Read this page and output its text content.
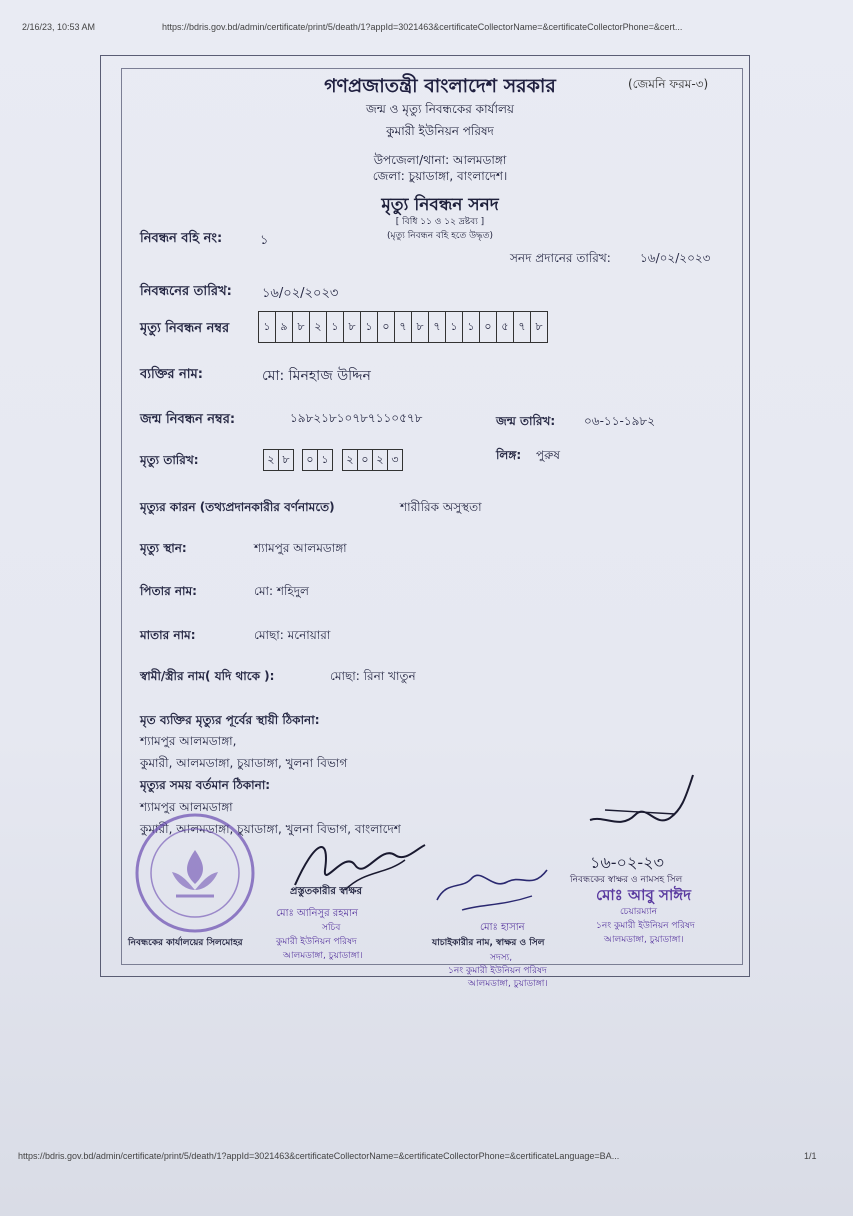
2/16/23, 10:53 AM	https://bdris.gov.bd/admin/certificate/print/5/death/1?appId=3021463&certificateCollectorName=&certificateCollectorPhone=&cert...
গণপ্রজাতন্ত্রী বাংলাদেশ সরকার	(জেমনি ফরম-৩)
জন্ম ও মৃত্যু নিবন্ধকের কার্যালয়
কুমারী ইউনিয়ন পরিষদ
উপজেলা/থানা: আলমডাঙ্গা
জেলা: চুয়াডাঙ্গা, বাংলাদেশ।
মৃত্যু নিবন্ধন সনদ
[ বিধি ১১ ও ১২ দ্রষ্টব্য ]
(মৃত্যু নিবন্ধন বহি হতে উদ্ধৃত)
নিবন্ধন বহি নং:	১
সনদ প্রদানের তারিখ: ১৬/০২/২০২৩
নিবন্ধনের তারিখ: ১৬/০২/২০২৩
মৃত্যু নিবন্ধন নম্বর	১ ৯ ৮ ২ ১ ৮ ১ ০ ৭ ৮ ৭ ১ ১ ০ ৫ ৭ ৮
ব্যক্তির নাম:	মো: মিনহাজ উদ্দিন
জন্ম নিবন্ধন নম্বর:	১৯৮২১৮১০৭৮৭১১০৫৭৮	জন্ম তারিখ: ০৬-১১-১৯৮২
মৃত্যু তারিখ:	২ ৮	০ ১	২ ০ ২ ৩	লিঙ্গ: পুরুষ
মৃত্যুর কারন (তথ্যপ্রদানকারীর বর্ণনামতে)	শারীরিক অসুস্থতা
মৃত্যু স্থান:	শ্যামপুর আলমডাঙ্গা
পিতার নাম:	মো: শহিদুল
মাতার নাম:	মোছা: মনোয়ারা
স্বামী/স্ত্রীর নাম( যদি থাকে ):	মোছা: রিনা খাতুন
মৃত ব্যক্তির মৃত্যুর পূর্বের স্থায়ী ঠিকানা:
শ্যামপুর আলমডাঙ্গা,
কুমারী, আলমডাঙ্গা, চুয়াডাঙ্গা, খুলনা বিভাগ
মৃত্যুর সময় বর্তমান ঠিকানা:
শ্যামপুর আলমডাঙ্গা
কুমারী, আলমডাঙ্গা, চুয়াডাঙ্গা, খুলনা বিভাগ, বাংলাদেশ
প্রস্তুতকারীর স্বাক্ষর
মোঃ আনিসুর রহমান
সচিব
কুমারী ইউনিয়ন পরিষদ
আলমডাঙ্গা, চুয়াডাঙ্গা।
নিবন্ধকের কার্যালয়ের সিলমোহর	যাচাইকারীর নাম, স্বাক্ষর ও সিল
মোঃ হাসান
সদস্য,
১নং কুমারী ইউনিয়ন পরিষদ
আলমডাঙ্গা, চুয়াডাঙ্গা।
১৬-০২-২৩
নিবন্ধকের স্বাক্ষর ও নামসহ সিল
মোঃ আবু সাঈদ
চেয়ারম্যান
১নং কুমারী ইউনিয়ন পরিষদ
আলমডাঙ্গা, চুয়াডাঙ্গা।
https://bdris.gov.bd/admin/certificate/print/5/death/1?appId=3021463&certificateCollectorName=&certificateCollectorPhone=&certificateLanguage=BA...	1/1
